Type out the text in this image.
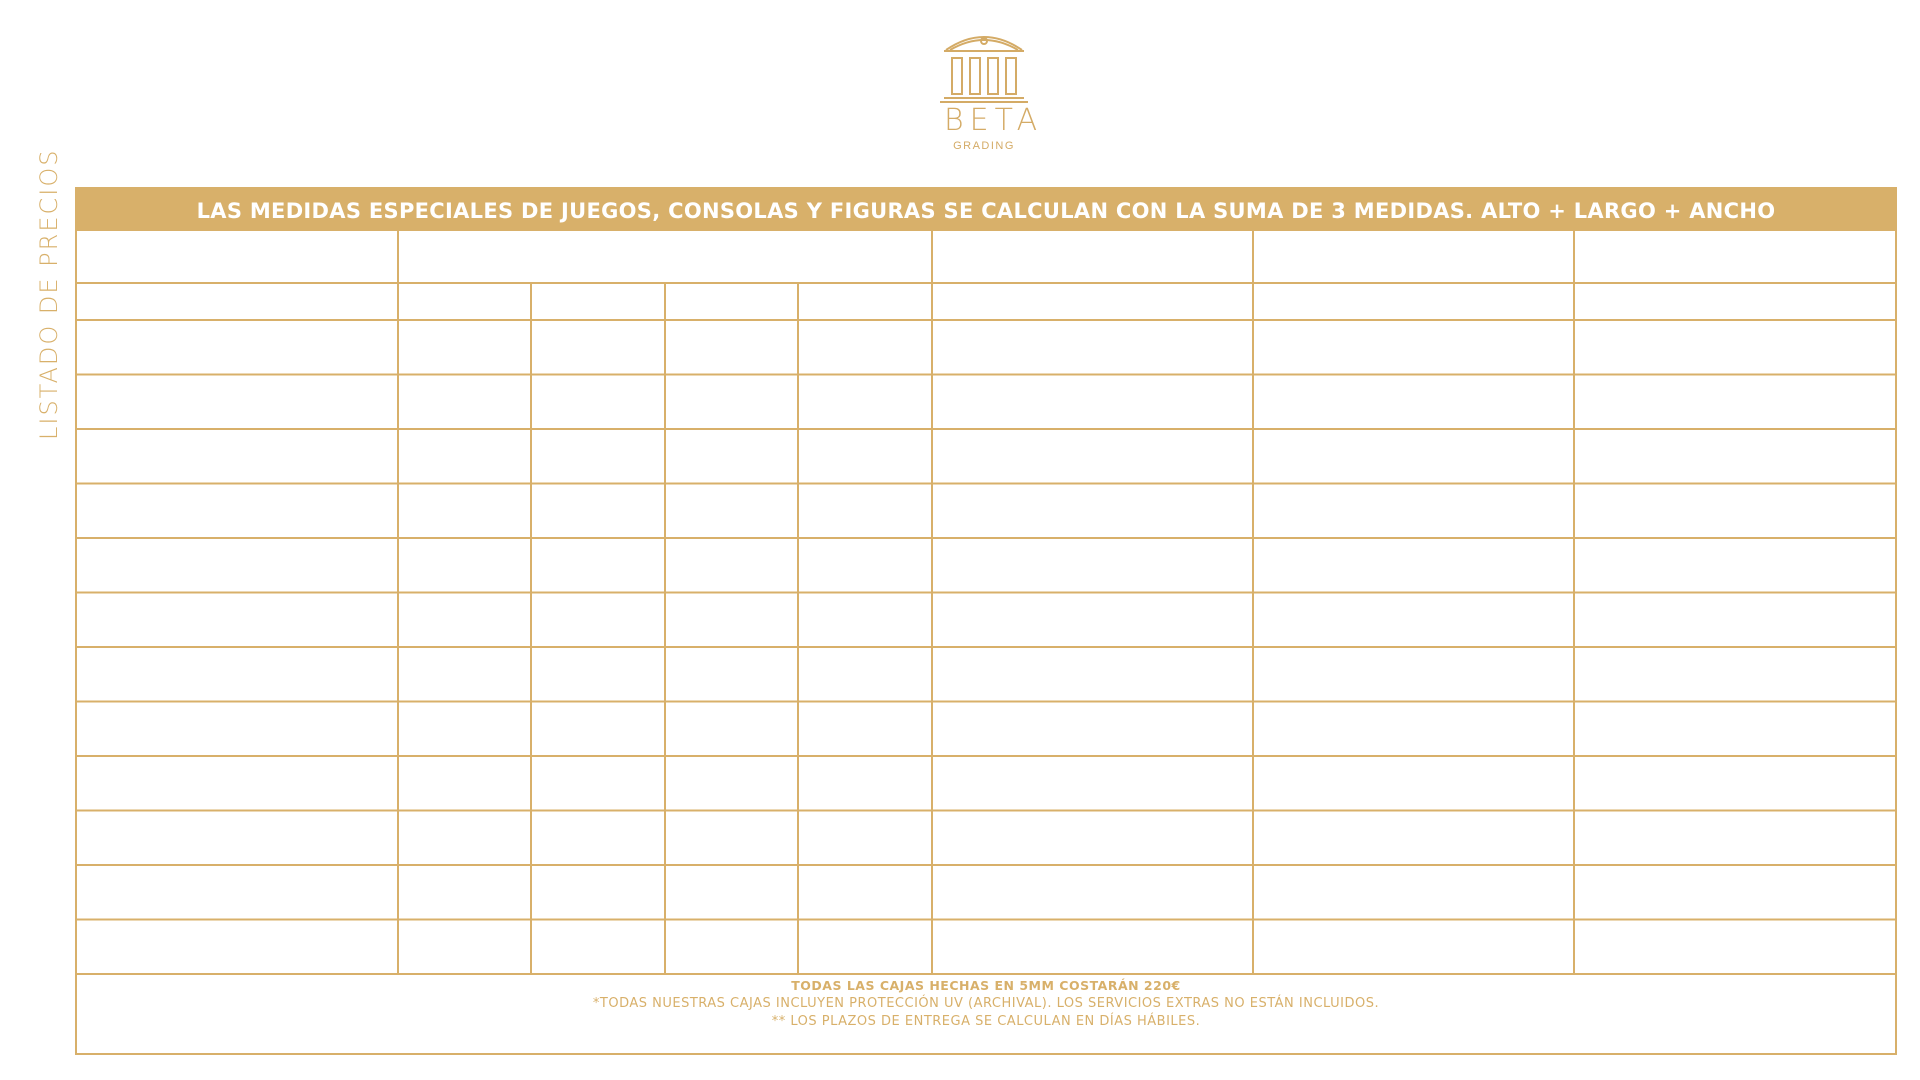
BETA
GRADING
LISTADO DE PRECIOS	LAS MEDIDAS ESPECIALES DE JUEGOS, CONSOLAS Y FIGURAS SE CALCULAN CON LA SUMA DE 3 MEDIDAS. ALTO + LARGO + ANCHO
TODAS LAS CAJAS HECHAS EN 5MM COSTARÁN 220€
*TODAS NUESTRAS CAJAS INCLUYEN PROTECCIÓN UV (ARCHIVAL). LOS SERVICIOS EXTRAS NO ESTÁN INCLUIDOS.
** LOS PLAZOS DE ENTREGA SE CALCULAN EN DÍAS HÁBILES.
